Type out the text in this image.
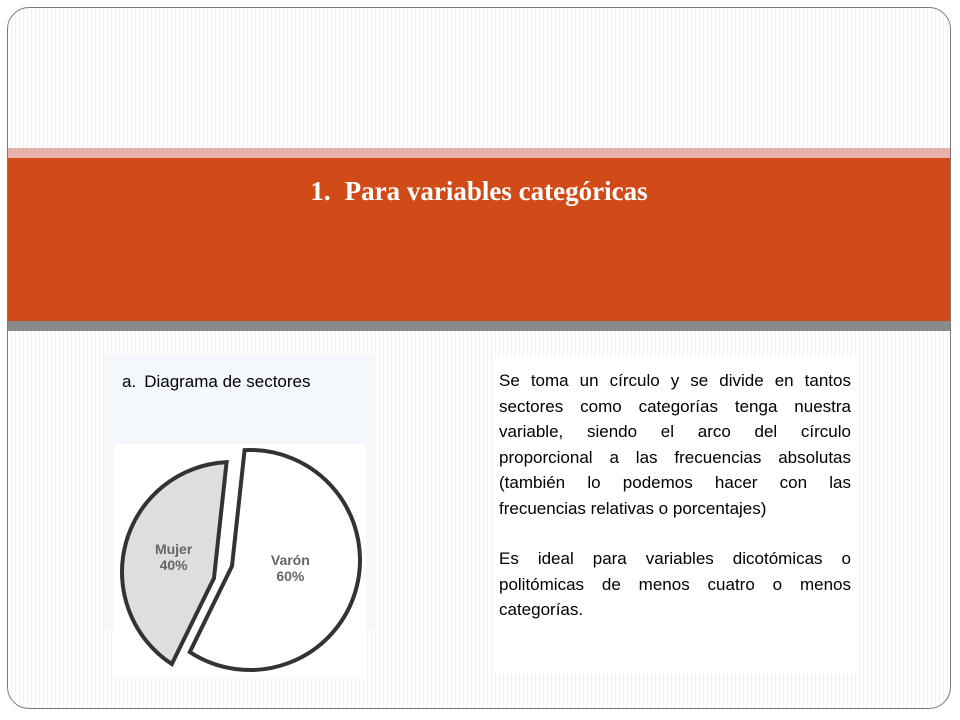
1. Para variables categóricas
a. Diagrama de sectores
Mujer
40%	Varón
60%

Se toma un círculo y se divide en tantos sectores como categorías tenga nuestra variable, siendo el arco del círculo proporcional a las frecuencias absolutas (también lo podemos hacer con las frecuencias relativas o porcentajes)

Es ideal para variables dicotómicas o politómicas de menos cuatro o menos categorías.
